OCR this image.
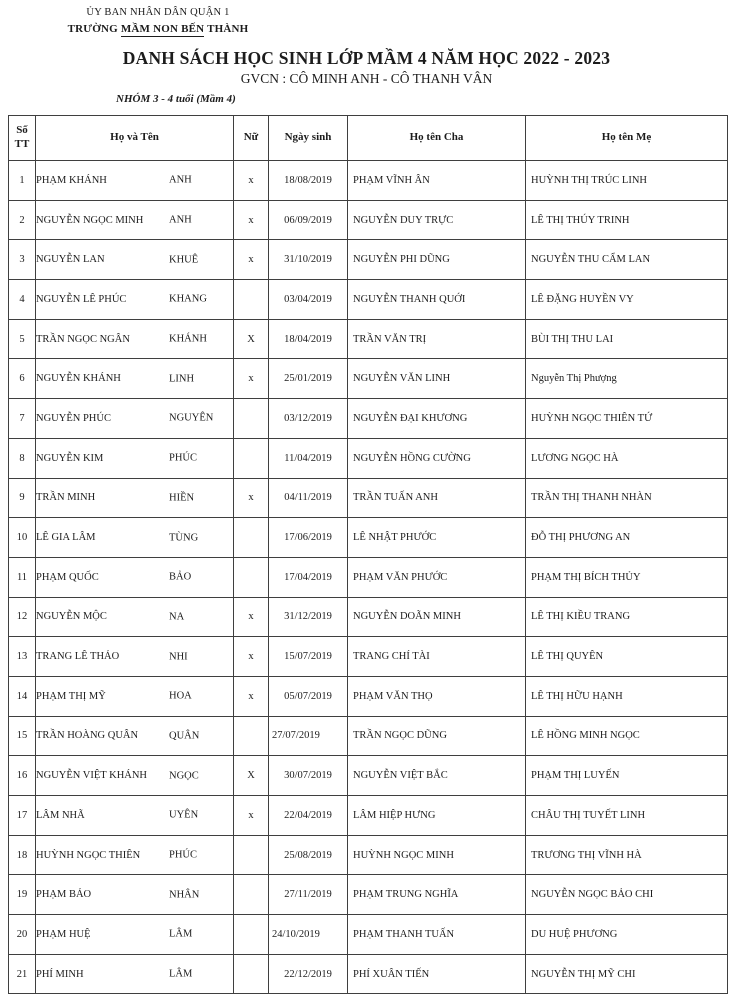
ỦY BAN NHÂN DÂN QUẬN 1
TRƯỜNG MẦM NON BẾN THÀNH
DANH SÁCH HỌC SINH LỚP MẦM 4 NĂM HỌC 2022 - 2023
GVCN : CÔ MINH ANH - CÔ THANH VÂN
NHÓM 3 - 4 tuổi (Mầm 4)
Số
TT	Họ và Tên	Nữ	Ngày sinh	Họ tên Cha	Họ tên Mẹ
1	PHẠM KHÁNH ANH	x	18/08/2019	PHẠM VĨNH ÂN	HUỲNH THỊ TRÚC LINH
2	NGUYỄN NGỌC MINH ANH	x	06/09/2019	NGUYỄN DUY TRỰC	LÊ THỊ THÚY TRINH
3	NGUYỄN LAN KHUÊ	x	31/10/2019	NGUYỄN PHI DŨNG	NGUYỄN THU CẨM LAN
4	NGUYỄN LÊ PHÚC KHANG		03/04/2019	NGUYỄN THANH QUỚI	LÊ ĐẶNG HUYỀN VY
5	TRẦN NGỌC NGÂN KHÁNH	X	18/04/2019	TRẦN VĂN TRỊ	BÙI THỊ THU LAI
6	NGUYỄN KHÁNH LINH	x	25/01/2019	NGUYỄN VĂN LINH	Nguyễn Thị Phượng
7	NGUYỄN PHÚC NGUYÊN		03/12/2019	NGUYỄN ĐẠI KHƯƠNG	HUỲNH NGỌC THIÊN TỨ
8	NGUYỄN KIM PHÚC		11/04/2019	NGUYỄN HỒNG CƯỜNG	LƯƠNG NGỌC HÀ
9	TRẦN MINH HIỀN	x	04/11/2019	TRẦN TUẤN ANH	TRẦN THỊ THANH NHÀN
10	LÊ GIA LÂM TÙNG		17/06/2019	LÊ NHẬT PHƯỚC	ĐỖ THỊ PHƯƠNG AN
11	PHẠM QUỐC BẢO		17/04/2019	PHẠM VĂN PHƯỚC	PHẠM THỊ BÍCH THỦY
12	NGUYỄN MỘC NA	x	31/12/2019	NGUYỄN DOÃN MINH	LÊ THỊ KIỀU TRANG
13	TRANG LÊ THẢO NHI	x	15/07/2019	TRANG CHÍ TÀI	LÊ THỊ QUYÊN
14	PHẠM THỊ MỸ HOA	x	05/07/2019	PHẠM VĂN THỌ	LÊ THỊ HỮU HẠNH
15	TRẦN HOÀNG QUÂN QUÂN		27/07/2019	TRẦN NGỌC DŨNG	LÊ HỒNG MINH NGỌC
16	NGUYỄN VIỆT KHÁNH NGỌC	X	30/07/2019	NGUYỄN VIỆT BẮC	PHẠM THỊ LUYẾN
17	LÂM NHÃ UYÊN	x	22/04/2019	LÂM HIỆP HƯNG	CHÂU THỊ TUYẾT LINH
18	HUỲNH NGỌC THIÊN PHÚC		25/08/2019	HUỲNH NGỌC MINH	TRƯƠNG THỊ VĨNH HÀ
19	PHẠM BẢO NHÂN		27/11/2019	PHẠM TRUNG NGHĨA	NGUYỄN NGỌC BẢO CHI
20	PHẠM HUỆ LÂM		24/10/2019	PHẠM THANH TUẤN	DU HUỆ PHƯƠNG
21	PHÍ MINH LÂM		22/12/2019	PHÍ XUÂN TIẾN	NGUYỄN THỊ MỸ CHI
